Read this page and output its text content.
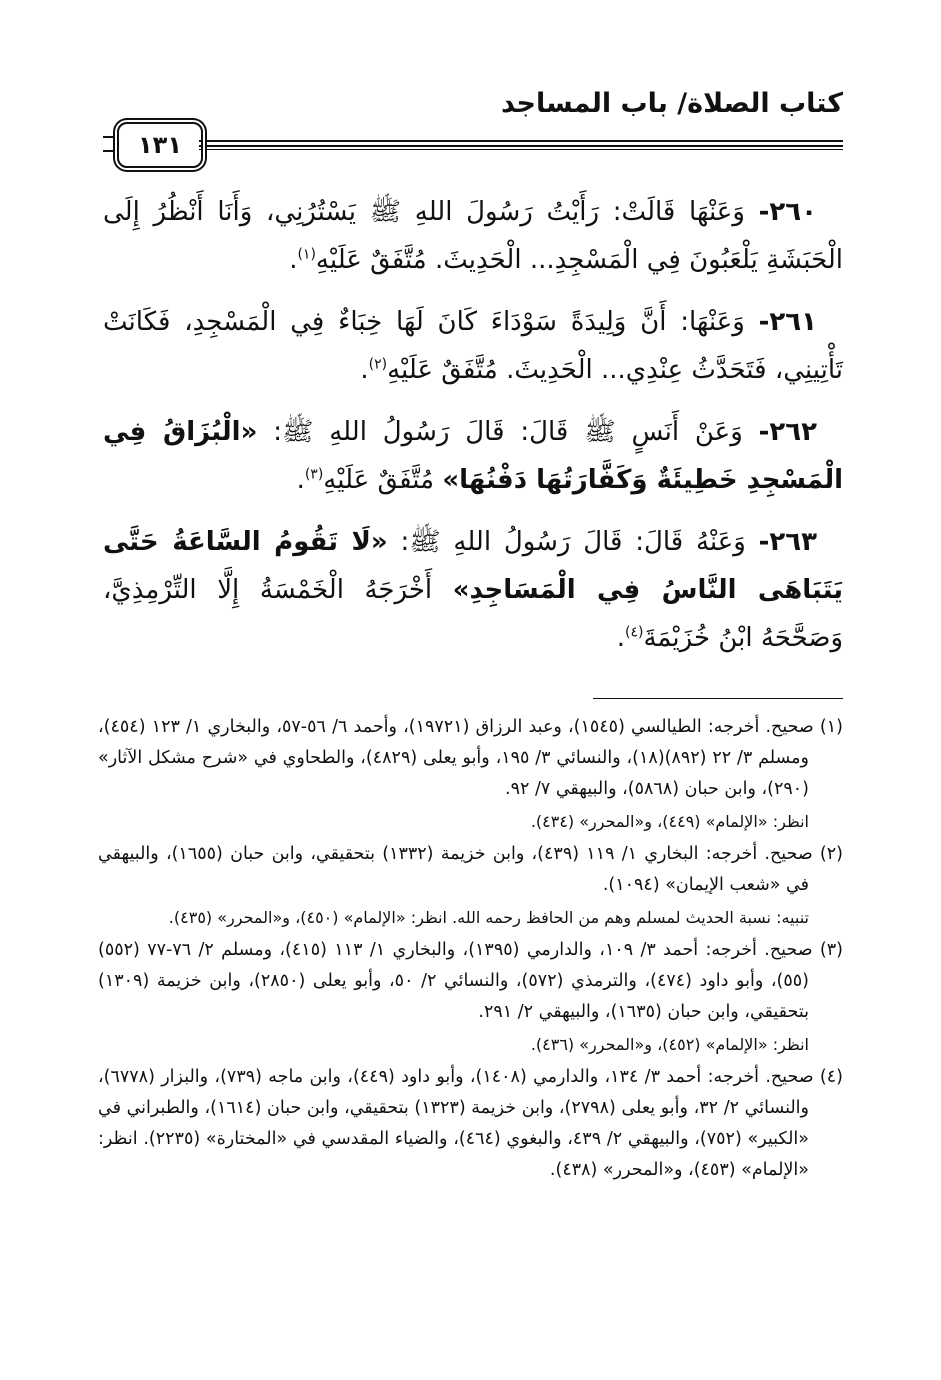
كتاب الصلاة/ باب المساجد
١٣١

٢٦٠- وَعَنْهَا قَالَتْ: رَأَيْتُ رَسُولَ اللهِ ﷺ يَسْتُرُنِي، وَأَنَا أَنْظُرُ إِلَى الْحَبَشَةِ يَلْعَبُونَ فِي الْمَسْجِدِ... الْحَدِيثَ. مُتَّفَقٌ عَلَيْهِ$^{(١)}$.

٢٦١- وَعَنْهَا: أَنَّ وَلِيدَةً سَوْدَاءَ كَانَ لَهَا خِبَاءٌ فِي الْمَسْجِدِ، فَكَانَتْ تَأْتِينِي، فَتَحَدَّثُ عِنْدِي... الْحَدِيثَ. مُتَّفَقٌ عَلَيْهِ$^{(٢)}$.

٢٦٢- وَعَنْ أَنَسٍ ﷺ قَالَ: قَالَ رَسُولُ اللهِ ﷺ: «الْبُزَاقُ فِي الْمَسْجِدِ خَطِيئَةٌ وَكَفَّارَتُهَا دَفْنُهَا» مُتَّفَقٌ عَلَيْهِ$^{(٣)}$.

٢٦٣- وَعَنْهُ قَالَ: قَالَ رَسُولُ اللهِ ﷺ: «لَا تَقُومُ السَّاعَةُ حَتَّى يَتَبَاهَى النَّاسُ فِي الْمَسَاجِدِ» أَخْرَجَهُ الْخَمْسَةُ إِلَّا التِّرْمِذِيَّ، وَصَحَّحَهُ ابْنُ خُزَيْمَةَ$^{(٤)}$.

(١) صحيح. أخرجه: الطيالسي (١٥٤٥)، وعبد الرزاق (١٩٧٢١)، وأحمد ٦/ ٥٦-٥٧، والبخاري ١/ ١٢٣ (٤٥٤)، ومسلم ٣/ ٢٢ (٨٩٢)(١٨)، والنسائي ٣/ ١٩٥، وأبو يعلى (٤٨٢٩)، والطحاوي في «شرح مشكل الآثار» (٢٩٠)، وابن حبان (٥٨٦٨)، والبيهقي ٧/ ٩٢.

انظر: «الإلمام» (٤٤٩)، و«المحرر» (٤٣٤).

(٢) صحيح. أخرجه: البخاري ١/ ١١٩ (٤٣٩)، وابن خزيمة (١٣٣٢) بتحقيقي، وابن حبان (١٦٥٥)، والبيهقي في «شعب الإيمان» (١٠٩٤).

تنبيه: نسبة الحديث لمسلم وهم من الحافظ رحمه الله. انظر: «الإلمام» (٤٥٠)، و«المحرر» (٤٣٥).

(٣) صحيح. أخرجه: أحمد ٣/ ١٠٩، والدارمي (١٣٩٥)، والبخاري ١/ ١١٣ (٤١٥)، ومسلم ٢/ ٧٦-٧٧ (٥٥٢)(٥٥)، وأبو داود (٤٧٤)، والترمذي (٥٧٢)، والنسائي ٢/ ٥٠، وأبو يعلى (٢٨٥٠)، وابن خزيمة (١٣٠٩) بتحقيقي، وابن حبان (١٦٣٥)، والبيهقي ٢/ ٢٩١.

انظر: «الإلمام» (٤٥٢)، و«المحرر» (٤٣٦).

(٤) صحيح. أخرجه: أحمد ٣/ ١٣٤، والدارمي (١٤٠٨)، وأبو داود (٤٤٩)، وابن ماجه (٧٣٩)، والبزار (٦٧٧٨)، والنسائي ٢/ ٣٢، وأبو يعلى (٢٧٩٨)، وابن خزيمة (١٣٢٣) بتحقيقي، وابن حبان (١٦١٤)، والطبراني في «الكبير» (٧٥٢)، والبيهقي ٢/ ٤٣٩، والبغوي (٤٦٤)، والضياء المقدسي في «المختارة» (٢٢٣٥). انظر: «الإلمام» (٤٥٣)، و«المحرر» (٤٣٨).
